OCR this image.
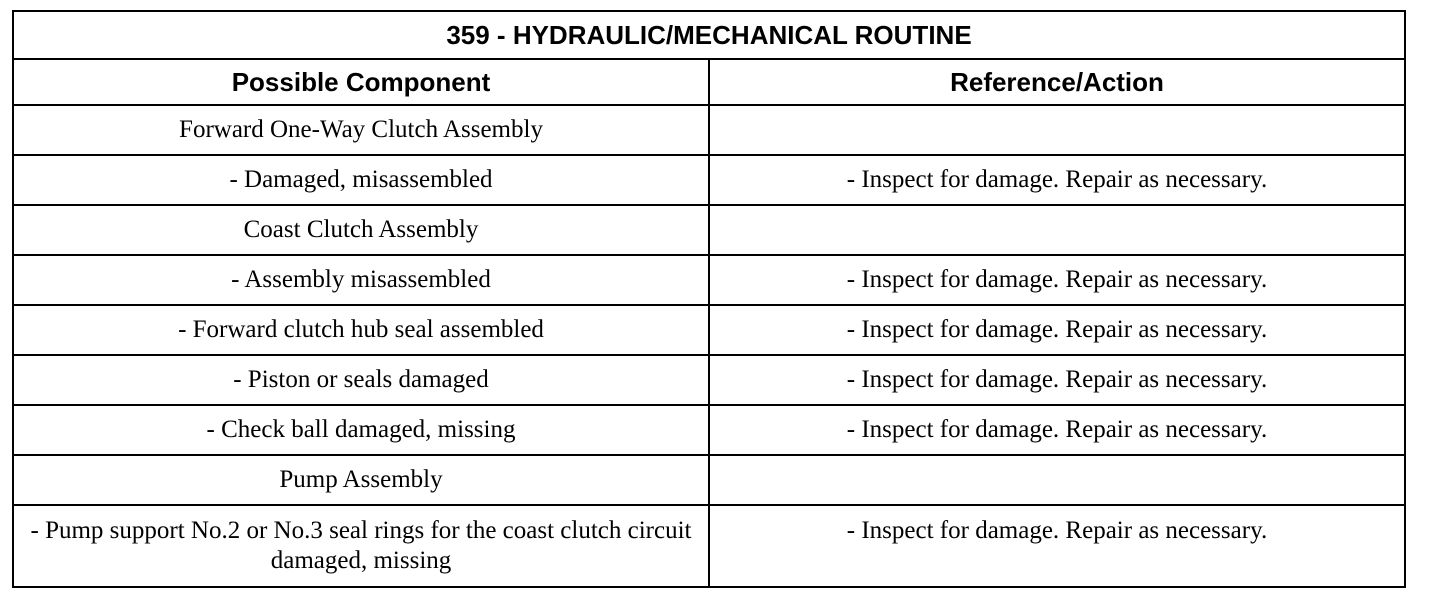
359 - HYDRAULIC/MECHANICAL ROUTINE	
Possible Component	Reference/Action
Forward One-Way Clutch Assembly	
- Damaged, misassembled	- Inspect for damage. Repair as necessary.
Coast Clutch Assembly	
- Assembly misassembled	- Inspect for damage. Repair as necessary.
- Forward clutch hub seal assembled	- Inspect for damage. Repair as necessary.
- Piston or seals damaged	- Inspect for damage. Repair as necessary.
- Check ball damaged, missing	- Inspect for damage. Repair as necessary.
Pump Assembly	
- Pump support No.2 or No.3 seal rings for the coast clutch circuit damaged, missing	- Inspect for damage. Repair as necessary.
